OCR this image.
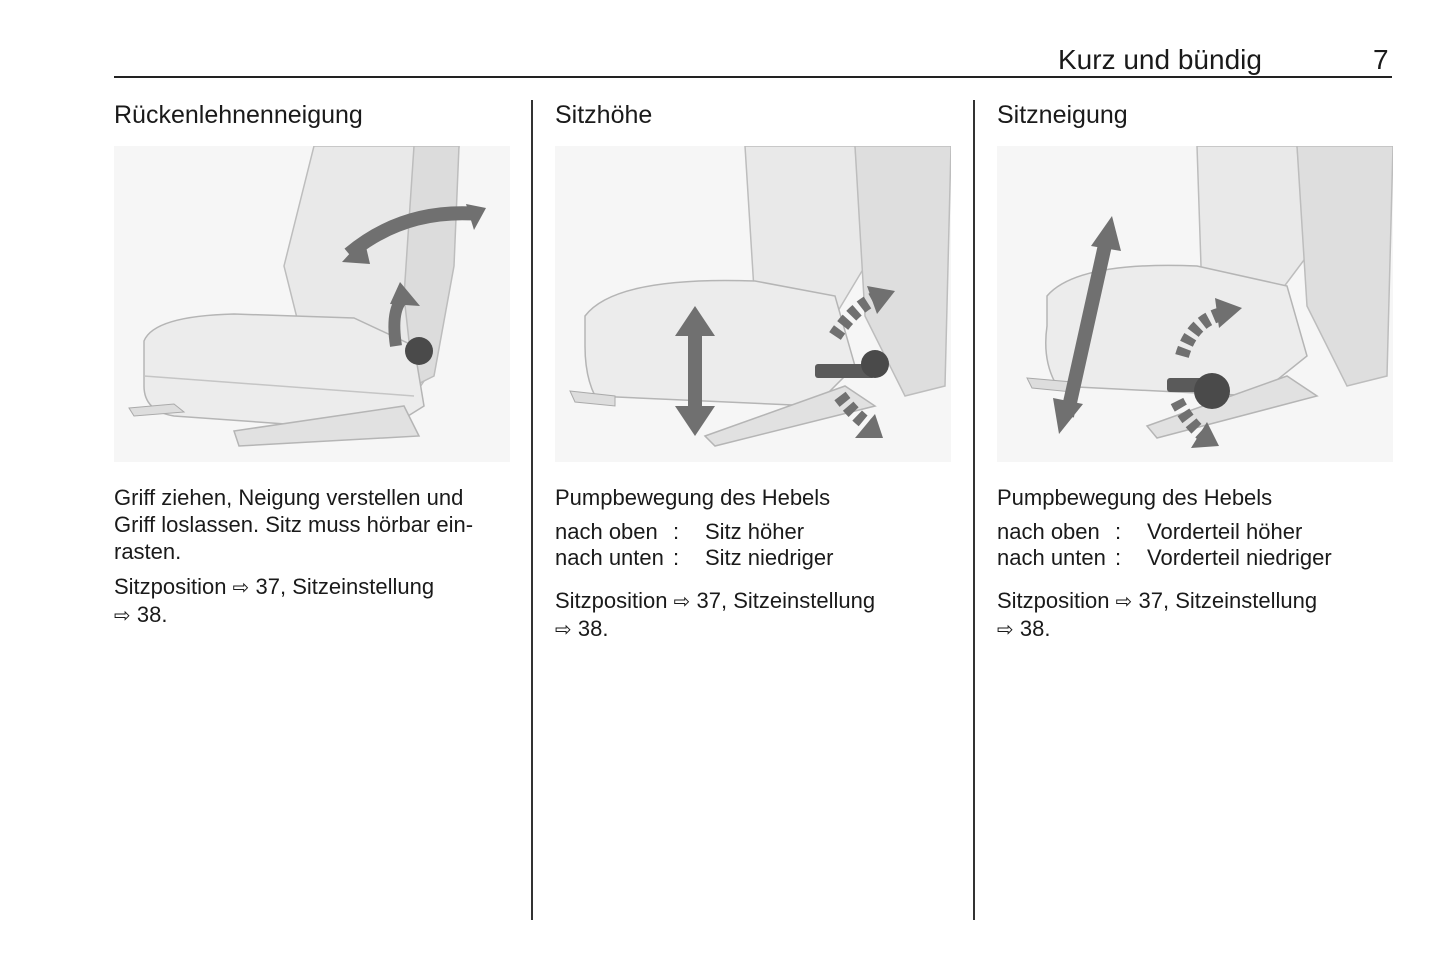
Kurz und bündig	7
Rückenlehnenneigung

Griff ziehen, Neigung verstellen und
Griff loslassen. Sitz muss hörbar ein-
rasten.

Sitzposition ⇨ 37, Sitzeinstellung
⇨ 38.

Sitzhöhe

Pumpbewegung des Hebels

nach oben :	Sitz höher
nach unten :	Sitz niedriger

Sitzposition ⇨ 37, Sitzeinstellung
⇨ 38.

Sitzneigung

Pumpbewegung des Hebels

nach oben :	Vorderteil höher
nach unten :	Vorderteil niedriger

Sitzposition ⇨ 37, Sitzeinstellung
⇨ 38.
